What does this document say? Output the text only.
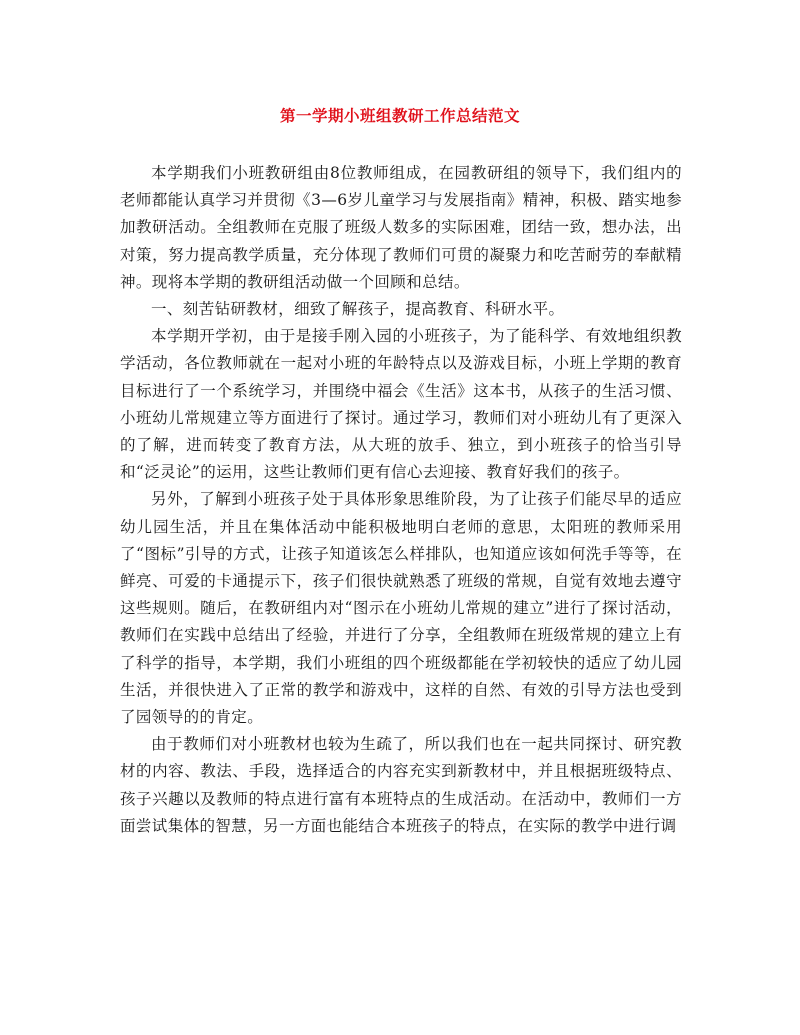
第一学期小班组教研工作总结范文

本学期我们小班教研组由8位教师组成，在园教研组的领导下，我们组内的老师都能认真学习并贯彻《3—6岁儿童学习与发展指南》精神，积极、踏实地参加教研活动。全组教师在克服了班级人数多的实际困难，团结一致，想办法，出对策，努力提高教学质量，充分体现了教师们可贯的凝聚力和吃苦耐劳的奉献精神。现将本学期的教研组活动做一个回顾和总结。

一、刻苦钻研教材，细致了解孩子，提高教育、科研水平。

本学期开学初，由于是接手刚入园的小班孩子，为了能科学、有效地组织教学活动，各位教师就在一起对小班的年龄特点以及游戏目标，小班上学期的教育目标进行了一个系统学习，并围绕中福会《生活》这本书，从孩子的生活习惯、小班幼儿常规建立等方面进行了探讨。通过学习，教师们对小班幼儿有了更深入的了解，进而转变了教育方法，从大班的放手、独立，到小班孩子的恰当引导和“泛灵论”的运用，这些让教师们更有信心去迎接、教育好我们的孩子。

另外，了解到小班孩子处于具体形象思维阶段，为了让孩子们能尽早的适应幼儿园生活，并且在集体活动中能积极地明白老师的意思，太阳班的教师采用了“图标”引导的方式，让孩子知道该怎么样排队，也知道应该如何洗手等等，在鲜亮、可爱的卡通提示下，孩子们很快就熟悉了班级的常规，自觉有效地去遵守这些规则。随后，在教研组内对“图示在小班幼儿常规的建立”进行了探讨活动，教师们在实践中总结出了经验，并进行了分享，全组教师在班级常规的建立上有了科学的指导，本学期，我们小班组的四个班级都能在学初较快的适应了幼儿园生活，并很快进入了正常的教学和游戏中，这样的自然、有效的引导方法也受到了园领导的的肯定。

由于教师们对小班教材也较为生疏了，所以我们也在一起共同探讨、研究教材的内容、教法、手段，选择适合的内容充实到新教材中，并且根据班级特点、孩子兴趣以及教师的特点进行富有本班特点的生成活动。在活动中，教师们一方面尝试集体的智慧，另一方面也能结合本班孩子的特点，在实际的教学中进行调
